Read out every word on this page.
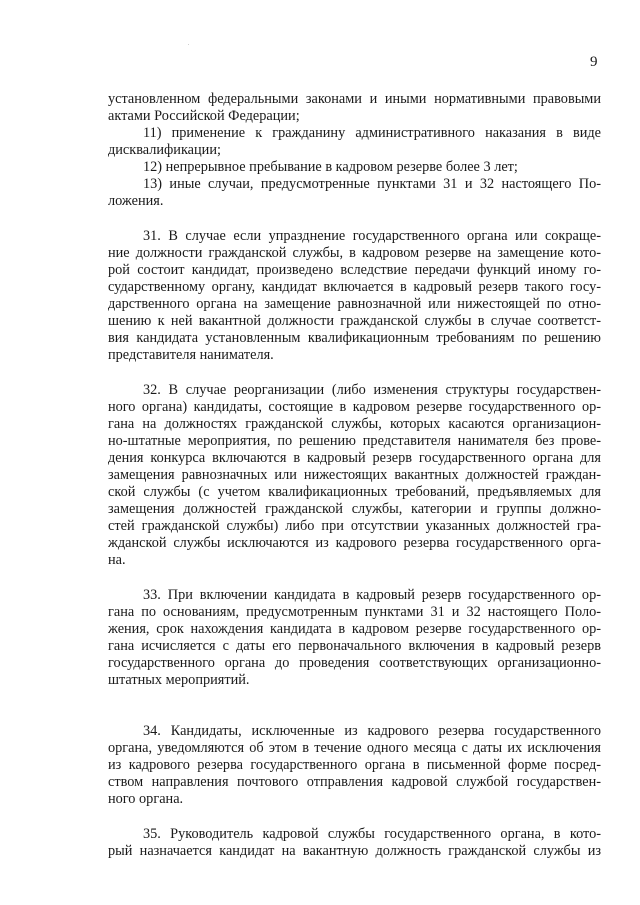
9
установленном федеральными законами и иными нормативными правовыми
актами Российской Федерации;
11) применение к гражданину административного наказания в виде
дисквалификации;
12) непрерывное пребывание в кадровом резерве более 3 лет;
13) иные случаи, предусмотренные пунктами 31 и 32 настоящего По-
ложения.
31. В случае если упразднение государственного органа или сокраще-
ние должности гражданской службы, в кадровом резерве на замещение кото-
рой состоит кандидат, произведено вследствие передачи функций иному го-
сударственному органу, кандидат включается в кадровый резерв такого госу-
дарственного органа на замещение равнозначной или нижестоящей по отно-
шению к ней вакантной должности гражданской службы в случае соответст-
вия кандидата установленным квалификационным требованиям по решению
представителя нанимателя.
32. В случае реорганизации (либо изменения структуры государствен-
ного органа) кандидаты, состоящие в кадровом резерве государственного ор-
гана на должностях гражданской службы, которых касаются организацион-
но-штатные мероприятия, по решению представителя нанимателя без прове-
дения конкурса включаются в кадровый резерв государственного органа для
замещения равнозначных или нижестоящих вакантных должностей граждан-
ской службы (с учетом квалификационных требований, предъявляемых для
замещения должностей гражданской службы, категории и группы должно-
стей гражданской службы) либо при отсутствии указанных должностей гра-
жданской службы исключаются из кадрового резерва государственного орга-
на.
33. При включении кандидата в кадровый резерв государственного ор-
гана по основаниям, предусмотренным пунктами 31 и 32 настоящего Поло-
жения, срок нахождения кандидата в кадровом резерве государственного ор-
гана исчисляется с даты его первоначального включения в кадровый резерв
государственного органа до проведения соответствующих организационно-
штатных мероприятий.
34. Кандидаты, исключенные из кадрового резерва государственного
органа, уведомляются об этом в течение одного месяца с даты их исключения
из кадрового резерва государственного органа в письменной форме посред-
ством направления почтового отправления кадровой службой государствен-
ного органа.
35. Руководитель кадровой службы государственного органа, в кото-
рый назначается кандидат на вакантную должность гражданской службы из
